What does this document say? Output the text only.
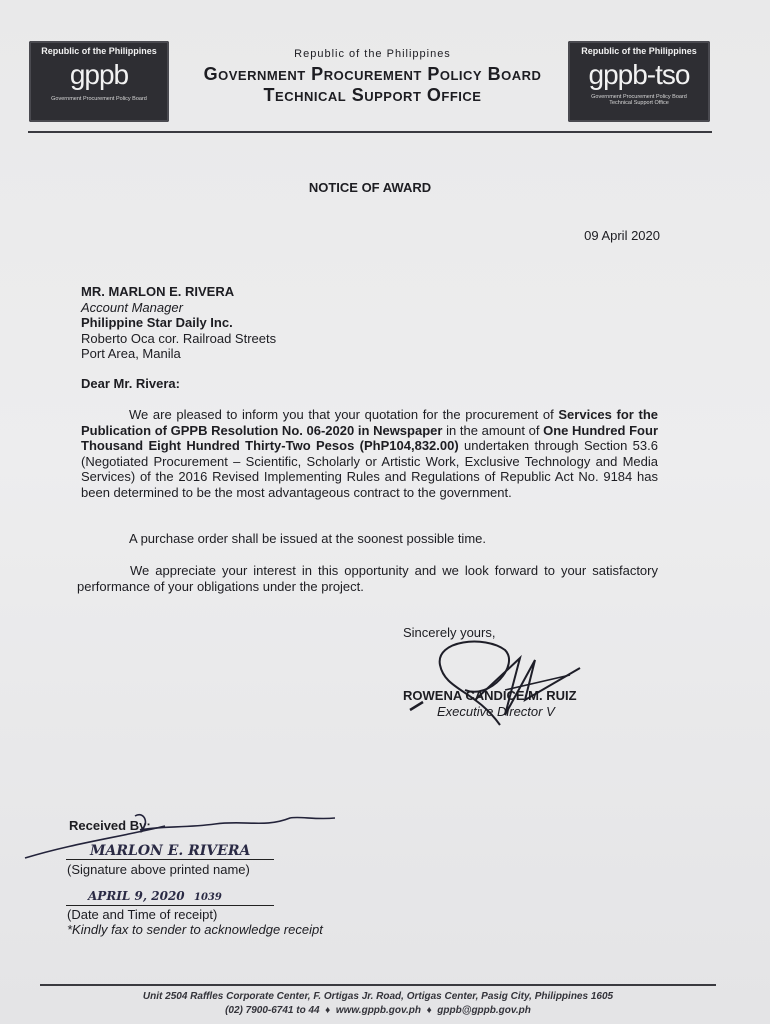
Republic of the Philippines
gppb
Government Procurement Policy Board
Republic of the Philippines
gppb-tso
Government Procurement Policy Board
Technical Support Office
Republic of the Philippines
Government Procurement Policy Board
Technical Support Office
NOTICE OF AWARD
09 April 2020
MR. MARLON E. RIVERA
Account Manager
Philippine Star Daily Inc.
Roberto Oca cor. Railroad Streets
Port Area, Manila
Dear Mr. Rivera:
We are pleased to inform you that your quotation for the procurement of Services for the Publication of GPPB Resolution No. 06-2020 in Newspaper in the amount of One Hundred Four Thousand Eight Hundred Thirty-Two Pesos (PhP104,832.00) undertaken through Section 53.6 (Negotiated Procurement – Scientific, Scholarly or Artistic Work, Exclusive Technology and Media Services) of the 2016 Revised Implementing Rules and Regulations of Republic Act No. 9184 has been determined to be the most advantageous contract to the government.
A purchase order shall be issued at the soonest possible time.
We appreciate your interest in this opportunity and we look forward to your satisfactory performance of your obligations under the project.
Sincerely yours,
ROWENA CANDICE M. RUIZ
Executive Director V
Received By:
MARLON E. RIVERA
(Signature above printed name)
APRIL 9, 2020 1039
(Date and Time of receipt)
*Kindly fax to sender to acknowledge receipt
Unit 2504 Raffles Corporate Center, F. Ortigas Jr. Road, Ortigas Center, Pasig City, Philippines 1605
(02) 7900-6741 to 44  ♦  www.gppb.gov.ph  ♦  gppb@gppb.gov.ph
